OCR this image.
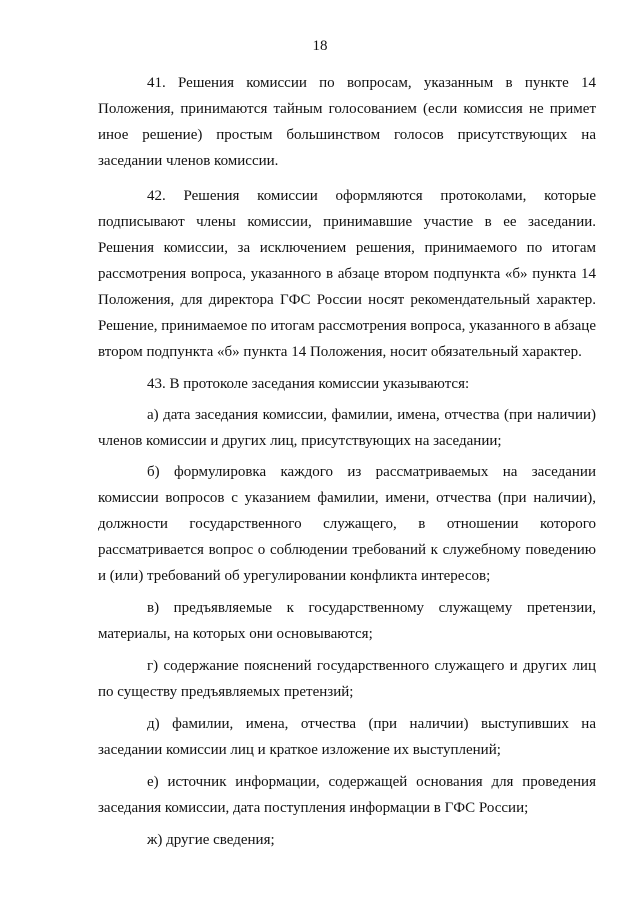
18

41. Решения комиссии по вопросам, указанным в пункте 14 Положения, принимаются тайным голосованием (если комиссия не примет иное решение) простым большинством голосов присутствующих на заседании членов комиссии.

42. Решения комиссии оформляются протоколами, которые подписывают члены комиссии, принимавшие участие в ее заседании. Решения комиссии, за исключением решения, принимаемого по итогам рассмотрения вопроса, указанного в абзаце втором подпункта «б» пункта 14 Положения, для директора ГФС России носят рекомендательный характер. Решение, принимаемое по итогам рассмотрения вопроса, указанного в абзаце втором подпункта «б» пункта 14 Положения, носит обязательный характер.

43. В протоколе заседания комиссии указываются:

а) дата заседания комиссии, фамилии, имена, отчества (при наличии) членов комиссии и других лиц, присутствующих на заседании;

б) формулировка каждого из рассматриваемых на заседании комиссии вопросов с указанием фамилии, имени, отчества (при наличии), должности государственного служащего, в отношении которого рассматривается вопрос о соблюдении требований к служебному поведению и (или) требований об урегулировании конфликта интересов;

в) предъявляемые к государственному служащему претензии, материалы, на которых они основываются;

г) содержание пояснений государственного служащего и других лиц по существу предъявляемых претензий;

д) фамилии, имена, отчества (при наличии) выступивших на заседании комиссии лиц и краткое изложение их выступлений;

е) источник информации, содержащей основания для проведения заседания комиссии, дата поступления информации в ГФС России;

ж) другие сведения;
